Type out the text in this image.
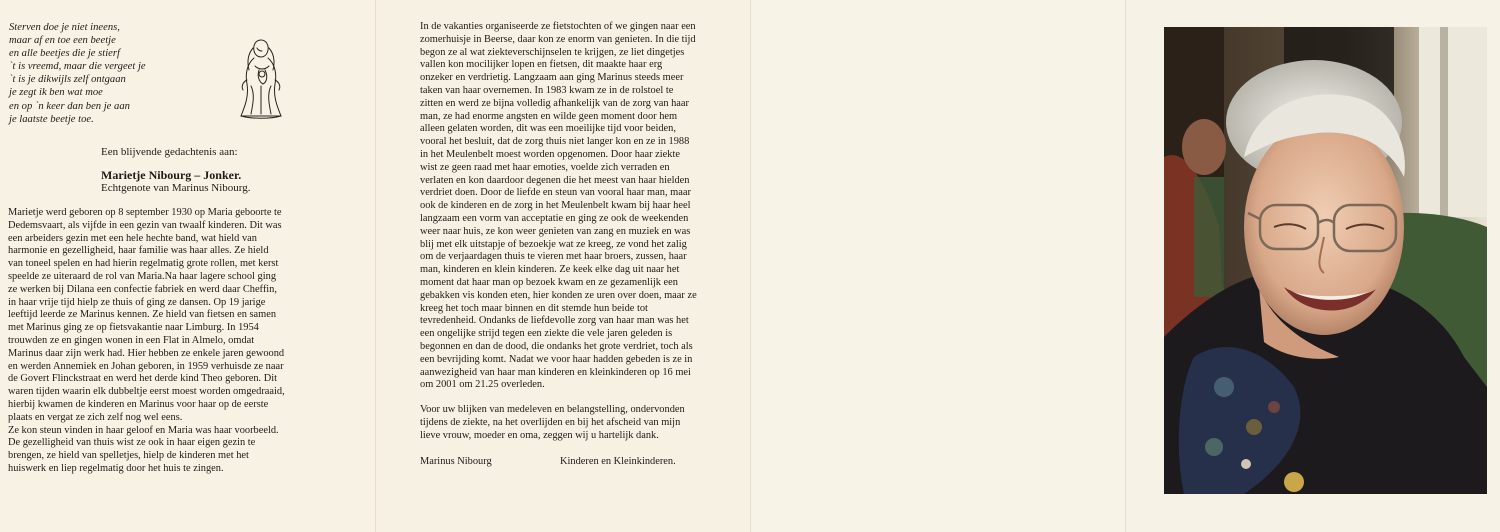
Sterven doe je niet ineens,
maar af en toe een beetje
en alle beetjes die je stierf
`t is vreemd, maar die vergeet je
`t is je dikwijls zelf ontgaan
je zegt ik ben wat moe
en op `n keer dan ben je aan
je laatste beetje toe.
Een blijvende gedachtenis aan:
Marietje Nibourg – Jonker.
Echtgenote van Marinus Nibourg.
Marietje werd geboren op 8 september 1930 op Maria geboorte te
Dedemsvaart, als vijfde in een gezin van twaalf kinderen. Dit was
een arbeiders gezin met een hele hechte band, wat hield van
harmonie en gezelligheid, haar familie was haar alles. Ze hield
van toneel spelen en had hierin regelmatig grote rollen, met kerst
speelde ze uiteraard de rol van Maria.Na haar lagere school ging
ze werken bij Dilana een confectie fabriek en werd daar Cheffin,
in haar vrije tijd hielp ze thuis of ging ze dansen. Op 19 jarige
leeftijd leerde ze Marinus kennen. Ze hield van fietsen en samen
met Marinus ging ze op fietsvakantie naar Limburg. In 1954
trouwden ze en gingen wonen in een Flat in Almelo, omdat
Marinus daar zijn werk had. Hier hebben ze enkele jaren gewoond
en werden Annemiek en Johan geboren, in 1959 verhuisde ze naar
de Govert Flinckstraat en werd het derde kind Theo geboren. Dit
waren tijden waarin elk dubbeltje eerst moest worden omgedraaid,
hierbij kwamen de kinderen en Marinus voor haar op de eerste
plaats en vergat ze zich zelf nog wel eens.
Ze kon steun vinden in haar geloof en Maria was haar voorbeeld.
De gezelligheid van thuis wist ze ook in haar eigen gezin te
brengen, ze hield van spelletjes, hielp de kinderen met het
huiswerk en liep regelmatig door het huis te zingen.
In de vakanties organiseerde ze fietstochten of we gingen naar een
zomerhuisje in Beerse, daar kon ze enorm van genieten. In die tijd
begon ze al wat ziekteverschijnselen te krijgen, ze liet dingetjes
vallen kon mocilijker lopen en fietsen, dit maakte haar erg
onzeker en verdrietig. Langzaam aan ging Marinus steeds meer
taken van haar overnemen. In 1983 kwam ze in de rolstoel te
zitten en werd ze bijna volledig afhankelijk van de zorg van haar
man, ze had enorme angsten en wilde geen moment door hem
alleen gelaten worden, dit was een moeilijke tijd voor beiden,
vooral het besluit, dat de zorg thuis niet langer kon en ze in 1988
in het Meulenbelt moest worden opgenomen. Door haar ziekte
wist ze geen raad met haar emoties, voelde zich verraden en
verlaten en kon daardoor degenen die het meest van haar hielden
verdriet doen. Door de liefde en steun van vooral haar man, maar
ook de kinderen en de zorg in het Meulenbelt kwam bij haar heel
langzaam een vorm van acceptatie en ging ze ook de weekenden
weer naar huis, ze kon weer genieten van zang en muziek en was
blij met elk uitstapje of bezoekje wat ze kreeg, ze vond het zalig
om de verjaardagen thuis te vieren met haar broers, zussen, haar
man, kinderen en klein kinderen. Ze keek elke dag uit naar het
moment dat haar man op bezoek kwam en ze gezamenlijk een
gebakken vis konden eten, hier konden ze uren over doen, maar ze
kreeg het toch maar binnen en dit stemde hun beide tot
tevredenheid. Ondanks de liefdevolle zorg van haar man was het
een ongelijke strijd tegen een ziekte die vele jaren geleden is
begonnen en dan de dood, die ondanks het grote verdriet, toch als
een bevrijding komt. Nadat we voor haar hadden gebeden is ze in
aanwezigheid van haar man kinderen en kleinkinderen op 16 mei
om 2001 om 21.25 overleden.
Voor uw blijken van medeleven en belangstelling, ondervonden
tijdens de ziekte, na het overlijden en bij het afscheid van mijn
lieve vrouw, moeder en oma, zeggen wij u hartelijk dank.
Marinus Nibourg	Kinderen en Kleinkinderen.
